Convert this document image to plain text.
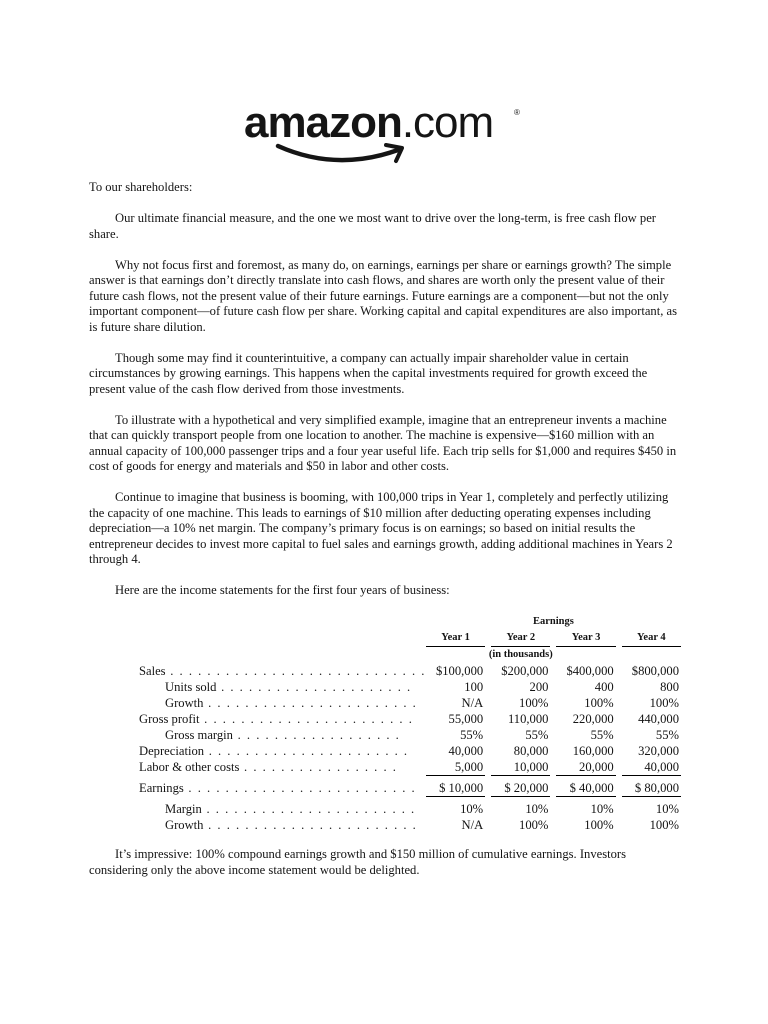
amazon.com	®

To our shareholders:

Our ultimate financial measure, and the one we most want to drive over the long-term, is free cash flow per share.

Why not focus first and foremost, as many do, on earnings, earnings per share or earnings growth? The simple answer is that earnings don’t directly translate into cash flows, and shares are worth only the present value of their future cash flows, not the present value of their future earnings. Future earnings are a component—but not the only important component—of future cash flow per share. Working capital and capital expenditures are also important, as is future share dilution.

Though some may find it counterintuitive, a company can actually impair shareholder value in certain circumstances by growing earnings. This happens when the capital investments required for growth exceed the present value of the cash flow derived from those investments.

To illustrate with a hypothetical and very simplified example, imagine that an entrepreneur invents a machine that can quickly transport people from one location to another. The machine is expensive—$160 million with an annual capacity of 100,000 passenger trips and a four year useful life. Each trip sells for $1,000 and requires $450 in cost of goods for energy and materials and $50 in labor and other costs.

Continue to imagine that business is booming, with 100,000 trips in Year 1, completely and perfectly utilizing the capacity of one machine. This leads to earnings of $10 million after deducting operating expenses including depreciation—a 10% net margin. The company’s primary focus is on earnings; so based on initial results the entrepreneur decides to invest more capital to fuel sales and earnings growth, adding additional machines in Years 2 through 4.

Here are the income statements for the first four years of business:

	Earnings						
	Year 1		Year 2		Year 3		Year 4
	(in thousands)						
Sales . . . . . . . . . . . . . . . . . . . . . . . . . . . .	$100,000		$200,000		$400,000		$800,000
Units sold . . . . . . . . . . . . . . . . . . . . .	100		200		400		800
Growth . . . . . . . . . . . . . . . . . . . . . . .	N/A		100%		100%		100%
Gross profit . . . . . . . . . . . . . . . . . . . . . . .	55,000		110,000		220,000		440,000
Gross margin . . . . . . . . . . . . . . . . . .	55%		55%		55%		55%
Depreciation . . . . . . . . . . . . . . . . . . . . . .	40,000		80,000		160,000		320,000
Labor & other costs . . . . . . . . . . . . . . . . .	5,000		10,000		20,000		40,000

Earnings . . . . . . . . . . . . . . . . . . . . . . . . .	$ 10,000		$ 20,000		$ 40,000		$ 80,000

Margin . . . . . . . . . . . . . . . . . . . . . . .	10%		10%		10%		10%
Growth . . . . . . . . . . . . . . . . . . . . . . .	N/A		100%		100%		100%

It’s impressive: 100% compound earnings growth and $150 million of cumulative earnings. Investors considering only the above income statement would be delighted.
